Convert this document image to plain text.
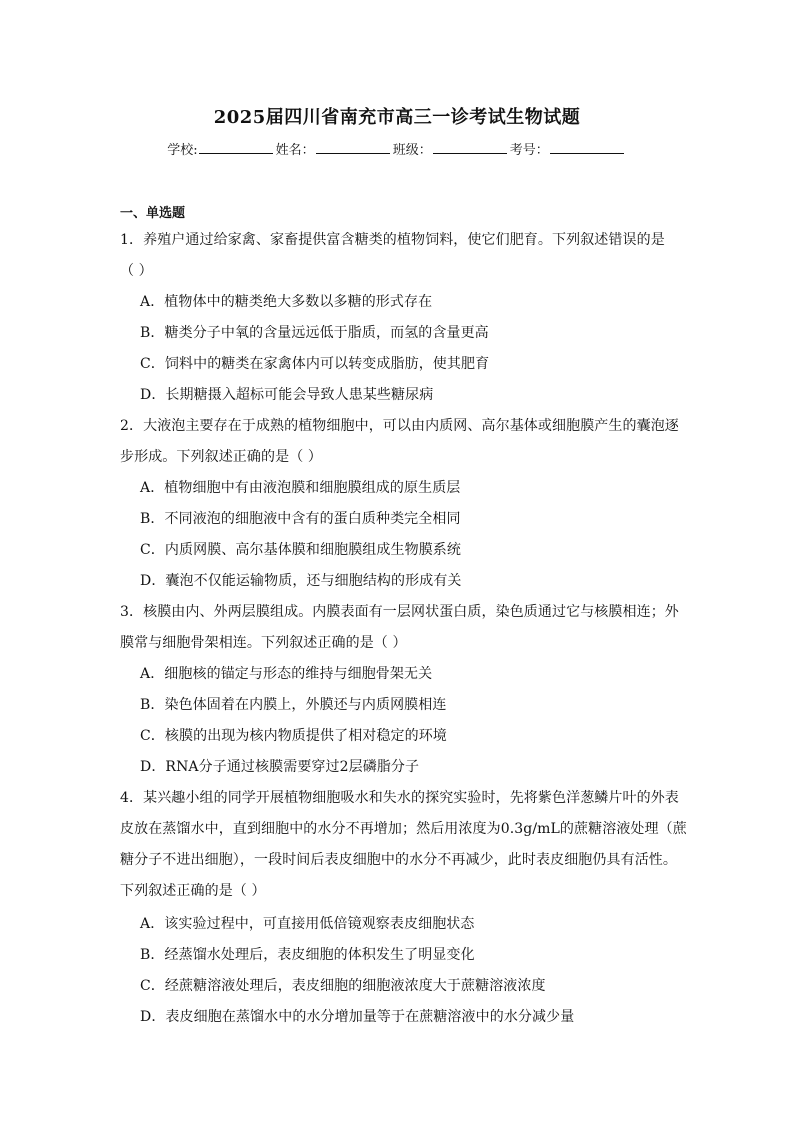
2025届四川省南充市高三一诊考试生物试题
学校:	姓名：	班级：	考号：
一、单选题
1．养殖户通过给家禽、家畜提供富含糖类的植物饲料，使它们肥育。下列叙述错误的是
（ ）
A．植物体中的糖类绝大多数以多糖的形式存在
B．糖类分子中氧的含量远远低于脂质，而氢的含量更高
C．饲料中的糖类在家禽体内可以转变成脂肪，使其肥育
D．长期糖摄入超标可能会导致人患某些糖尿病
2．大液泡主要存在于成熟的植物细胞中，可以由内质网、高尔基体或细胞膜产生的囊泡逐
步形成。下列叙述正确的是（ ）
A．植物细胞中有由液泡膜和细胞膜组成的原生质层
B．不同液泡的细胞液中含有的蛋白质种类完全相同
C．内质网膜、高尔基体膜和细胞膜组成生物膜系统
D．囊泡不仅能运输物质，还与细胞结构的形成有关
3．核膜由内、外两层膜组成。内膜表面有一层网状蛋白质，染色质通过它与核膜相连；外
膜常与细胞骨架相连。下列叙述正确的是（ ）
A．细胞核的锚定与形态的维持与细胞骨架无关
B．染色体固着在内膜上，外膜还与内质网膜相连
C．核膜的出现为核内物质提供了相对稳定的环境
D．RNA分子通过核膜需要穿过2层磷脂分子
4．某兴趣小组的同学开展植物细胞吸水和失水的探究实验时，先将紫色洋葱鳞片叶的外表
皮放在蒸馏水中，直到细胞中的水分不再增加；然后用浓度为0.3g/mL的蔗糖溶液处理（蔗
糖分子不进出细胞），一段时间后表皮细胞中的水分不再减少，此时表皮细胞仍具有活性。
下列叙述正确的是（ ）
A．该实验过程中，可直接用低倍镜观察表皮细胞状态
B．经蒸馏水处理后，表皮细胞的体积发生了明显变化
C．经蔗糖溶液处理后，表皮细胞的细胞液浓度大于蔗糖溶液浓度
D．表皮细胞在蒸馏水中的水分增加量等于在蔗糖溶液中的水分减少量
